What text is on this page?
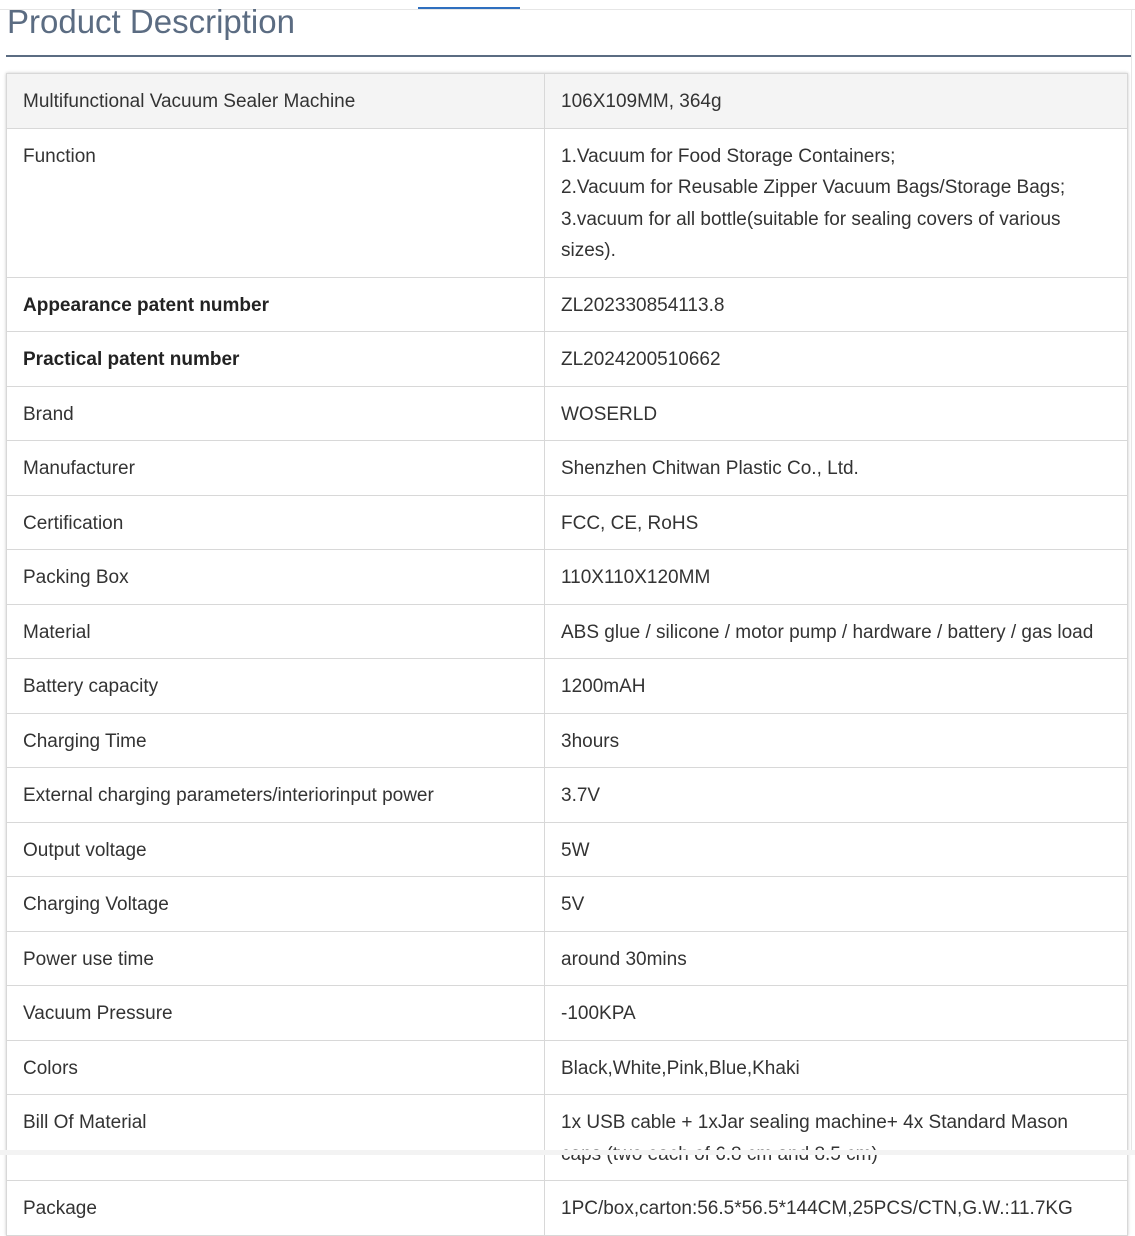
Product Description
Multifunctional Vacuum Sealer Machine	106X109MM, 364g
Function	1.Vacuum for Food Storage Containers;
2.Vacuum for Reusable Zipper Vacuum Bags/Storage Bags;
3.vacuum for all bottle(suitable for sealing covers of various sizes).
Appearance patent number	ZL202330854113.8
Practical patent number	ZL2024200510662
Brand	WOSERLD
Manufacturer	Shenzhen Chitwan Plastic Co., Ltd.
Certification	FCC, CE, RoHS
Packing Box	110X110X120MM
Material	ABS glue / silicone / motor pump / hardware / battery / gas load
Battery capacity	1200mAH
Charging Time	3hours
External charging parameters/interiorinput power	3.7V
Output voltage	5W
Charging Voltage	5V
Power use time	around 30mins
Vacuum Pressure	-100KPA
Colors	Black,White,Pink,Blue,Khaki
Bill Of Material	1x USB cable + 1xJar sealing machine+ 4x Standard Mason
Package	1PC/box,carton:56.5*56.5*144CM,25PCS/CTN,G.W.:11.7KG
